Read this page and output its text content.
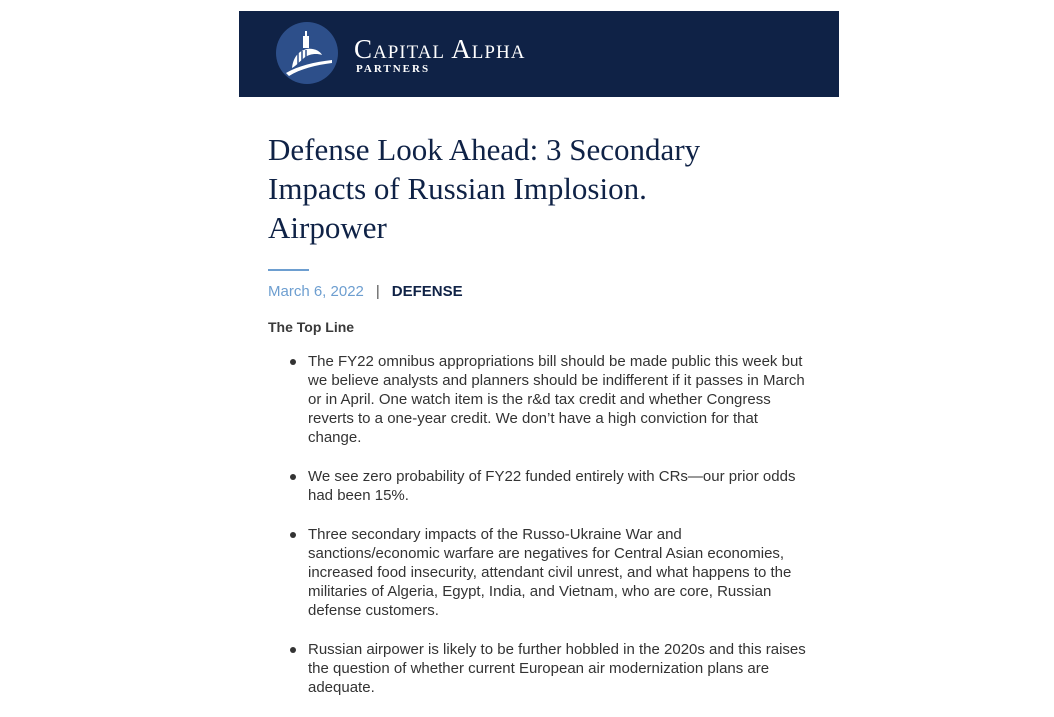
Capital Alpha
PARTNERS
Defense Look Ahead: 3 Secondary Impacts of Russian Implosion. Airpower
March 6, 2022 | DEFENSE
The Top Line
The FY22 omnibus appropriations bill should be made public this week but we believe analysts and planners should be indifferent if it passes in March or in April. One watch item is the r&d tax credit and whether Congress reverts to a one-year credit. We don’t have a high conviction for that change.
We see zero probability of FY22 funded entirely with CRs—our prior odds had been 15%.
Three secondary impacts of the Russo-Ukraine War and sanctions/economic warfare are negatives for Central Asian economies, increased food insecurity, attendant civil unrest, and what happens to the militaries of Algeria, Egypt, India, and Vietnam, who are core, Russian defense customers.
Russian airpower is likely to be further hobbled in the 2020s and this raises the question of whether current European air modernization plans are adequate.
